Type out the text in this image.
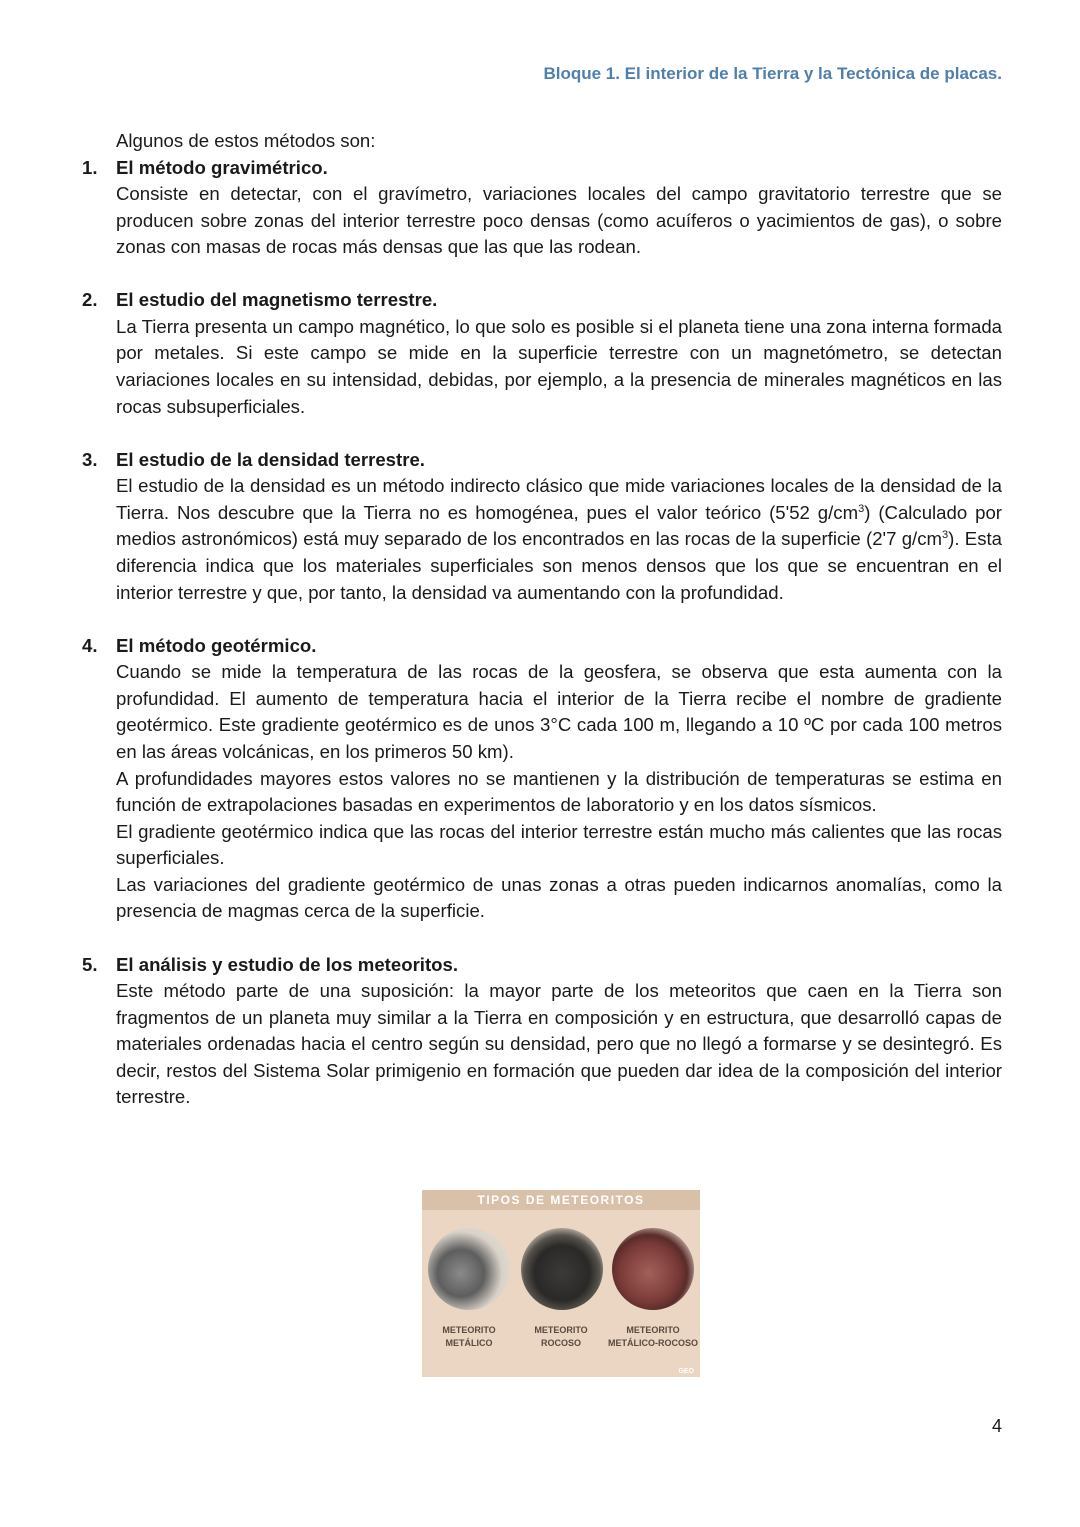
Bloque 1. El interior de la Tierra y la Tectónica de placas.
Algunos de estos métodos son:
1. El método gravimétrico.

Consiste en detectar, con el gravímetro, variaciones locales del campo gravitatorio terrestre que se producen sobre zonas del interior terrestre poco densas (como acuíferos o yacimientos de gas), o sobre zonas con masas de rocas más densas que las que las rodean.

2. El estudio del magnetismo terrestre.

La Tierra presenta un campo magnético, lo que solo es posible si el planeta tiene una zona interna formada por metales. Si este campo se mide en la superficie terrestre con un magnetómetro, se detectan variaciones locales en su intensidad, debidas, por ejemplo, a la presencia de minerales magnéticos en las rocas subsuperficiales.

3. El estudio de la densidad terrestre.

El estudio de la densidad es un método indirecto clásico que mide variaciones locales de la densidad de la Tierra. Nos descubre que la Tierra no es homogénea, pues el valor teórico (5'52 $g/cm^3$) (Calculado por medios astronómicos) está muy separado de los encontrados en las rocas de la superficie (2'7 $g/cm^3$). Esta diferencia indica que los materiales superficiales son menos densos que los que se encuentran en el interior terrestre y que, por tanto, la densidad va aumentando con la profundidad.

4. El método geotérmico.

Cuando se mide la temperatura de las rocas de la geosfera, se observa que esta aumenta con la profundidad. El aumento de temperatura hacia el interior de la Tierra recibe el nombre de gradiente geotérmico. Este gradiente geotérmico es de unos 3°C cada 100 m, llegando a 10 ºC por cada 100 metros en las áreas volcánicas, en los primeros 50 km).

A profundidades mayores estos valores no se mantienen y la distribución de temperaturas se estima en función de extrapolaciones basadas en experimentos de laboratorio y en los datos sísmicos.

El gradiente geotérmico indica que las rocas del interior terrestre están mucho más calientes que las rocas superficiales.

Las variaciones del gradiente geotérmico de unas zonas a otras pueden indicarnos anomalías, como la presencia de magmas cerca de la superficie.

5. El análisis y estudio de los meteoritos.

Este método parte de una suposición: la mayor parte de los meteoritos que caen en la Tierra son fragmentos de un planeta muy similar a la Tierra en composición y en estructura, que desarrolló capas de materiales ordenadas hacia el centro según su densidad, pero que no llegó a formarse y se desintegró. Es decir, restos del Sistema Solar primigenio en formación que pueden dar idea de la composición del interior terrestre.

TIPOS DE METEORITOS
METEORITO
METÁLICO
METEORITO
ROCOSO
METEORITO
METÁLICO-ROCOSO
GEO
4
